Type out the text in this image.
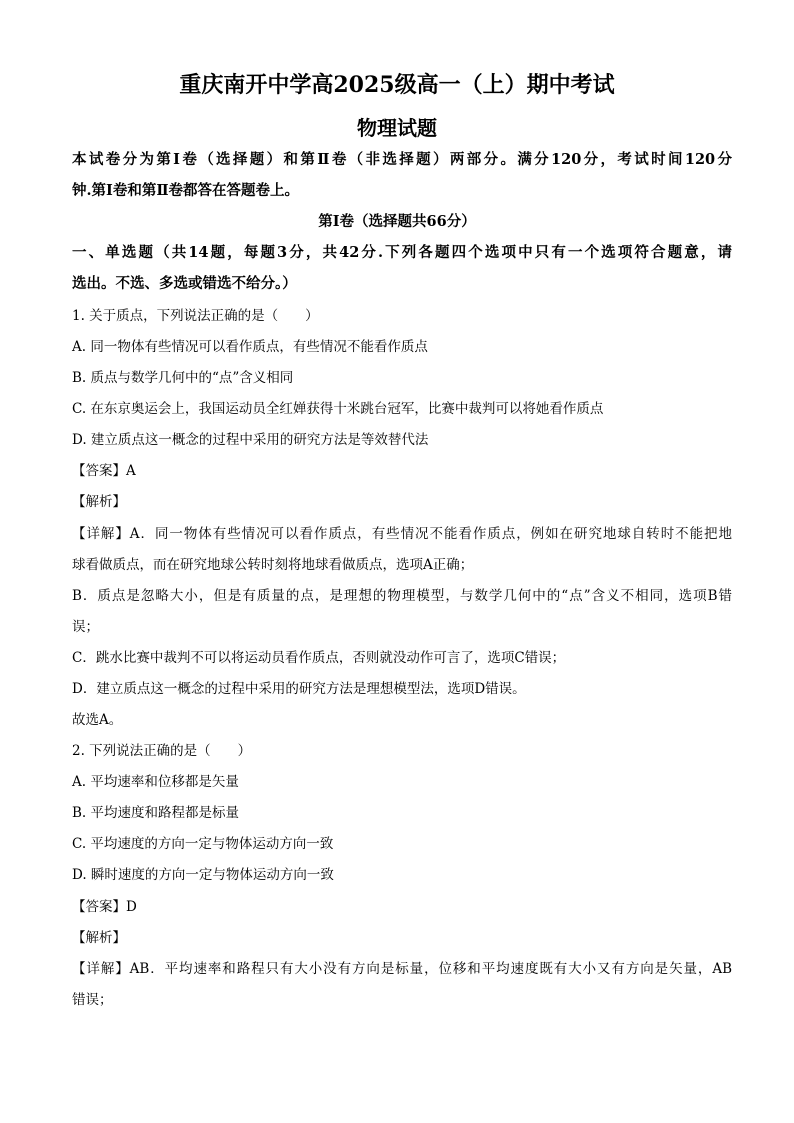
重庆南开中学高2025级高一（上）期中考试
物理试题
本试卷分为第Ⅰ卷（选择题）和第Ⅱ卷（非选择题）两部分。满分120分，考试时间120分
钟.第Ⅰ卷和第Ⅱ卷都答在答题卷上。
第Ⅰ卷（选择题共66分）
一、单选题（共14题，每题3分，共42分.下列各题四个选项中只有一个选项符合题意，请
选出。不选、多选或错选不给分。）
1. 关于质点，下列说法正确的是（　　）
A. 同一物体有些情况可以看作质点，有些情况不能看作质点
B. 质点与数学几何中的“点”含义相同
C. 在东京奥运会上，我国运动员全红婵获得十米跳台冠军，比赛中裁判可以将她看作质点
D. 建立质点这一概念的过程中采用的研究方法是等效替代法
【答案】A
【解析】
【详解】A．同一物体有些情况可以看作质点，有些情况不能看作质点，例如在研究地球自转时不能把地
球看做质点，而在研究地球公转时刻将地球看做质点，选项A正确；
B．质点是忽略大小，但是有质量的点，是理想的物理模型，与数学几何中的“点”含义不相同，选项B错
误；
C．跳水比赛中裁判不可以将运动员看作质点，否则就没动作可言了，选项C错误；
D．建立质点这一概念的过程中采用的研究方法是理想模型法，选项D错误。
故选A。
2. 下列说法正确的是（　　）
A. 平均速率和位移都是矢量
B. 平均速度和路程都是标量
C. 平均速度的方向一定与物体运动方向一致
D. 瞬时速度的方向一定与物体运动方向一致
【答案】D
【解析】
【详解】AB．平均速率和路程只有大小没有方向是标量，位移和平均速度既有大小又有方向是矢量，AB
错误；
